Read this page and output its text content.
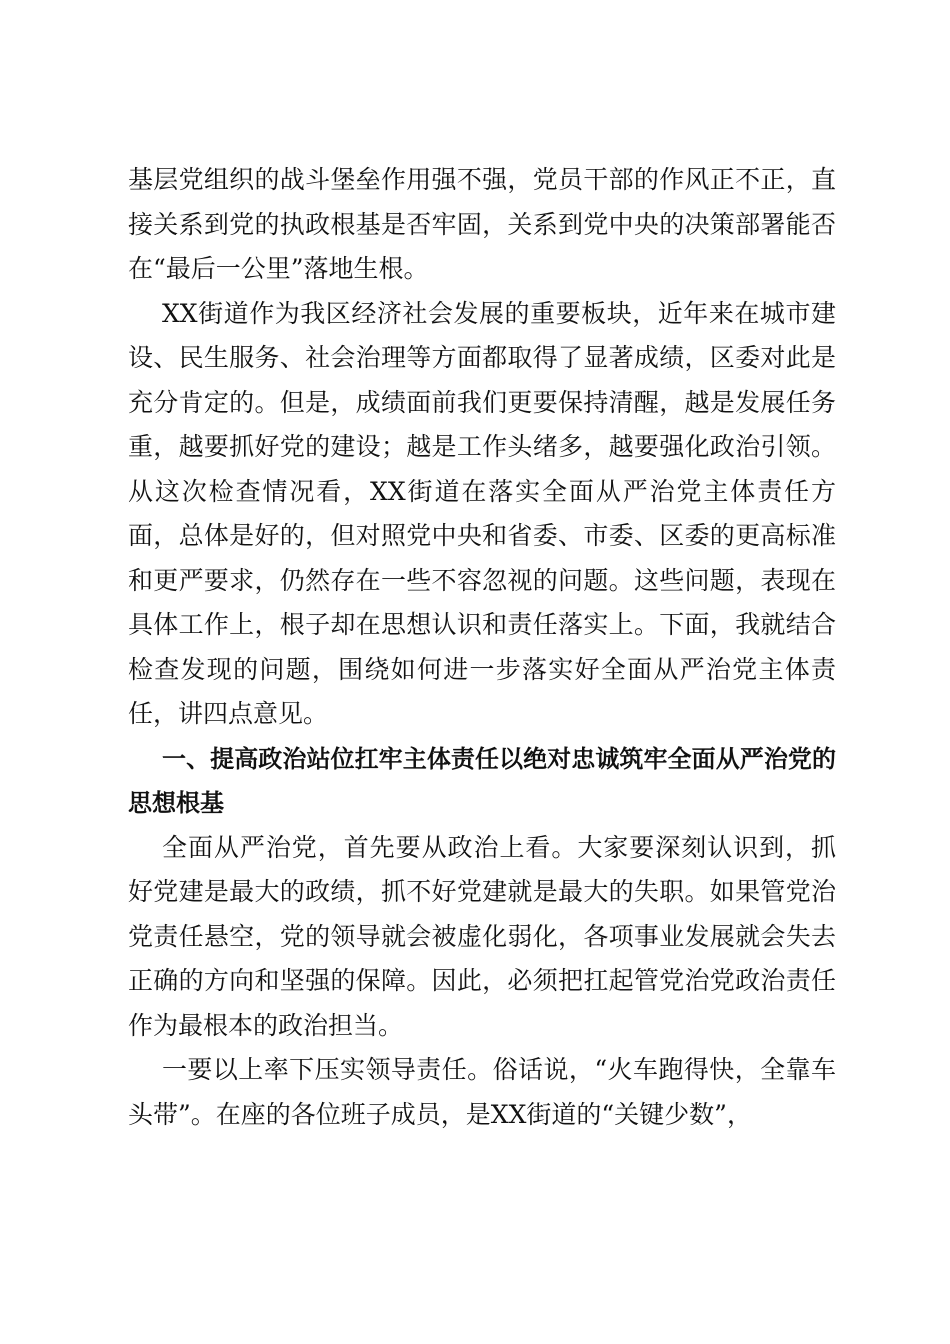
基层党组织的战斗堡垒作用强不强，党员干部的作风正不正，直接关系到党的执政根基是否牢固，关系到党中央的决策部署能否在“最后一公里”落地生根。

XX街道作为我区经济社会发展的重要板块，近年来在城市建设、民生服务、社会治理等方面都取得了显著成绩，区委对此是充分肯定的。但是，成绩面前我们更要保持清醒，越是发展任务重，越要抓好党的建设；越是工作头绪多，越要强化政治引领。从这次检查情况看，XX街道在落实全面从严治党主体责任方面，总体是好的，但对照党中央和省委、市委、区委的更高标准和更严要求，仍然存在一些不容忽视的问题。这些问题，表现在具体工作上，根子却在思想认识和责任落实上。下面，我就结合检查发现的问题，围绕如何进一步落实好全面从严治党主体责任，讲四点意见。

一、提高政治站位扛牢主体责任以绝对忠诚筑牢全面从严治党的思想根基

全面从严治党，首先要从政治上看。大家要深刻认识到，抓好党建是最大的政绩，抓不好党建就是最大的失职。如果管党治党责任悬空，党的领导就会被虚化弱化，各项事业发展就会失去正确的方向和坚强的保障。因此，必须把扛起管党治党政治责任作为最根本的政治担当。

一要以上率下压实领导责任。俗话说，“火车跑得快，全靠车头带”。在座的各位班子成员，是XX街道的“关键少数”，
